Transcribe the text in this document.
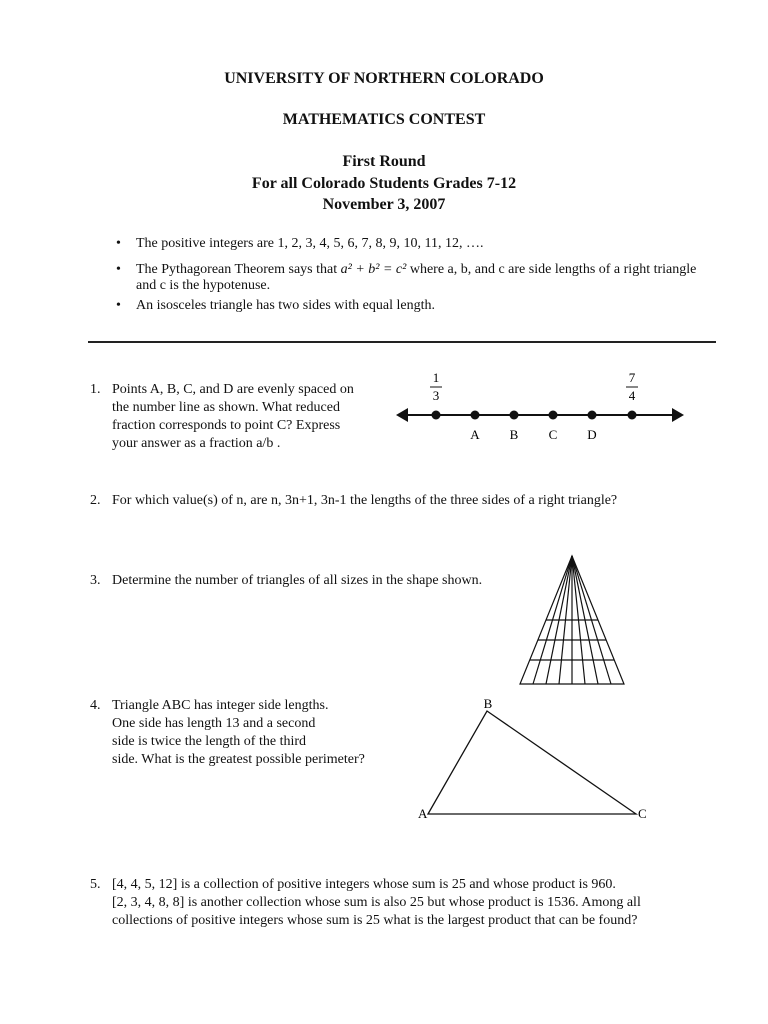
UNIVERSITY OF NORTHERN COLORADO
MATHEMATICS CONTEST
First Round
For all Colorado Students Grades 7-12
November 3, 2007
• The positive integers are 1, 2, 3, 4, 5, 6, 7, 8, 9, 10, 11, 12, ….
• The Pythagorean Theorem says that a² + b² = c² where a, b, and c are side lengths of a right triangle and c is the hypotenuse.
• An isosceles triangle has two sides with equal length.
1. Points A, B, C, and D are evenly spaced on
the number line as shown. What reduced
fraction corresponds to point C? Express
your answer as a fraction a/b .
1
3
7
4
A B C D
2. For which value(s) of n, are n, 3n+1, 3n-1 the lengths of the three sides of a right triangle?
3. Determine the number of triangles of all sizes in the shape shown.
4. Triangle ABC has integer side lengths.
One side has length 13 and a second
side is twice the length of the third
side. What is the greatest possible perimeter?
B
A	C
5. [4, 4, 5, 12] is a collection of positive integers whose sum is 25 and whose product is 960.
[2, 3, 4, 8, 8] is another collection whose sum is also 25 but whose product is 1536. Among all
collections of positive integers whose sum is 25 what is the largest product that can be found?
